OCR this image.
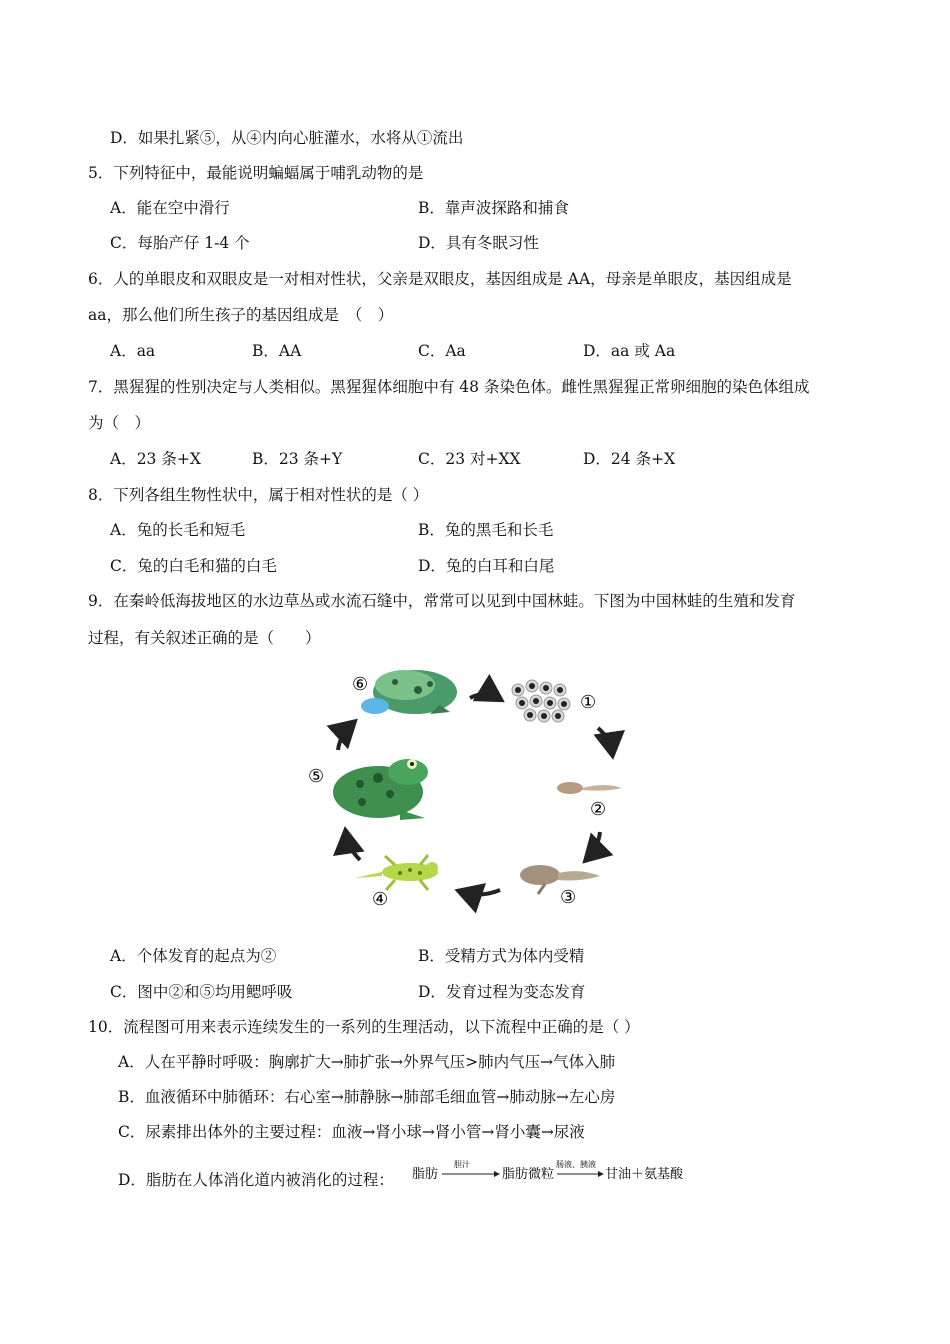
D．如果扎紧⑤，从④内向心脏灌水，水将从①流出
5．下列特征中，最能说明蝙蝠属于哺乳动物的是
A．能在空中滑行	B．靠声波探路和捕食
C．每胎产仔 1-4 个	D．具有冬眠习性
6．人的单眼皮和双眼皮是一对相对性状，父亲是双眼皮，基因组成是 AA，母亲是单眼皮，基因组成是
aa，那么他们所生孩子的基因组成是　（　）
A．aa	B．AA	C．Aa	D．aa 或 Aa
7．黑猩猩的性别决定与人类相似。黑猩猩体细胞中有 48 条染色体。雌性黑猩猩正常卵细胞的染色体组成
为（　）
A．23 条+X	B．23 条+Y	C．23 对+XX	D．24 条+X
8．下列各组生物性状中，属于相对性状的是（ ）
A．兔的长毛和短毛	B．兔的黑毛和长毛
C．兔的白毛和猫的白毛	D．兔的白耳和白尾
9．在秦岭低海拔地区的水边草丛或水流石缝中，常常可以见到中国林蛙。下图为中国林蛙的生殖和发育
过程，有关叙述正确的是（　　）
⑥
①
②
③
④
⑤
A．个体发育的起点为②	B．受精方式为体内受精
C．图中②和⑤均用鳃呼吸	D．发育过程为变态发育
10．流程图可用来表示连续发生的一系列的生理活动，以下流程中正确的是（ ）
A．人在平静时呼吸：胸廓扩大→肺扩张→外界气压>肺内气压→气体入肺
B．血液循环中肺循环：右心室→肺静脉→肺部毛细血管→肺动脉→左心房
C．尿素排出体外的主要过程：血液→肾小球→肾小管→肾小囊→尿液
D．脂肪在人体消化道内被消化的过程： 脂肪
胆汁
脂肪微粒
肠液、胰液
甘油＋氨基酸
